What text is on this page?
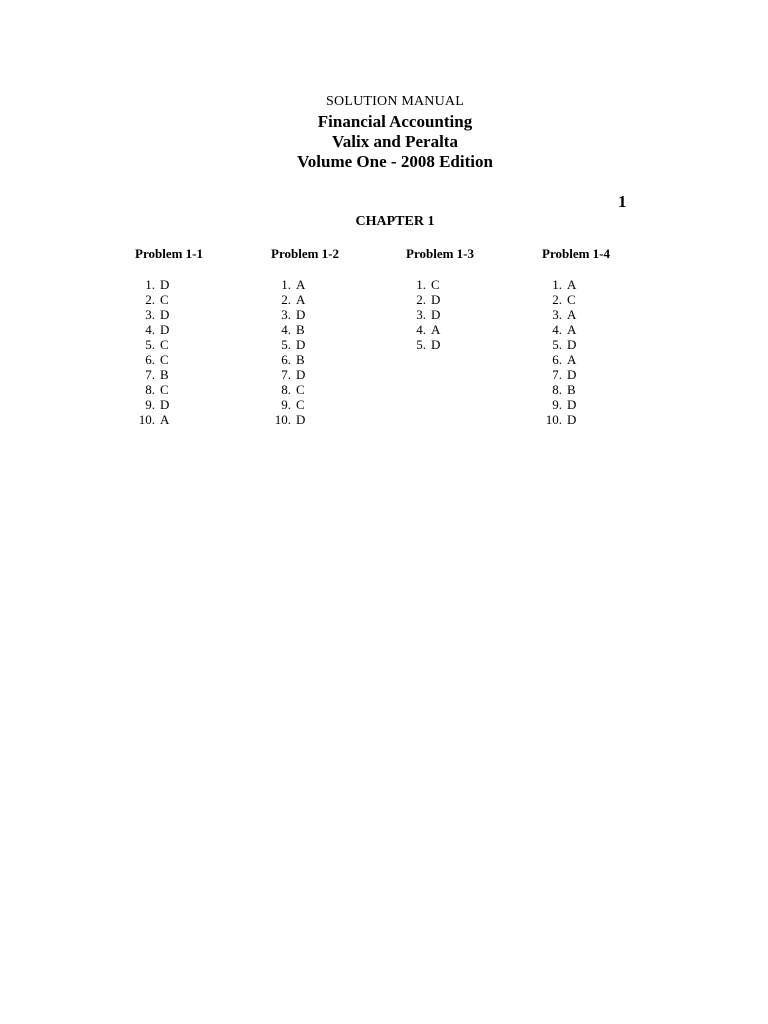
SOLUTION MANUAL
Financial Accounting
Valix and Peralta
Volume One - 2008 Edition
1
CHAPTER 1
Problem 1-1
1. D
2. C
3. D
4. D
5. C
6. C
7. B
8. C
9. D
10. A
Problem 1-2
1. A
2. A
3. D
4. B
5. D
6. B
7. D
8. C
9. C
10. D
Problem 1-3
1. C
2. D
3. D
4. A
5. D
Problem 1-4
1. A
2. C
3. A
4. A
5. D
6. A
7. D
8. B
9. D
10. D
